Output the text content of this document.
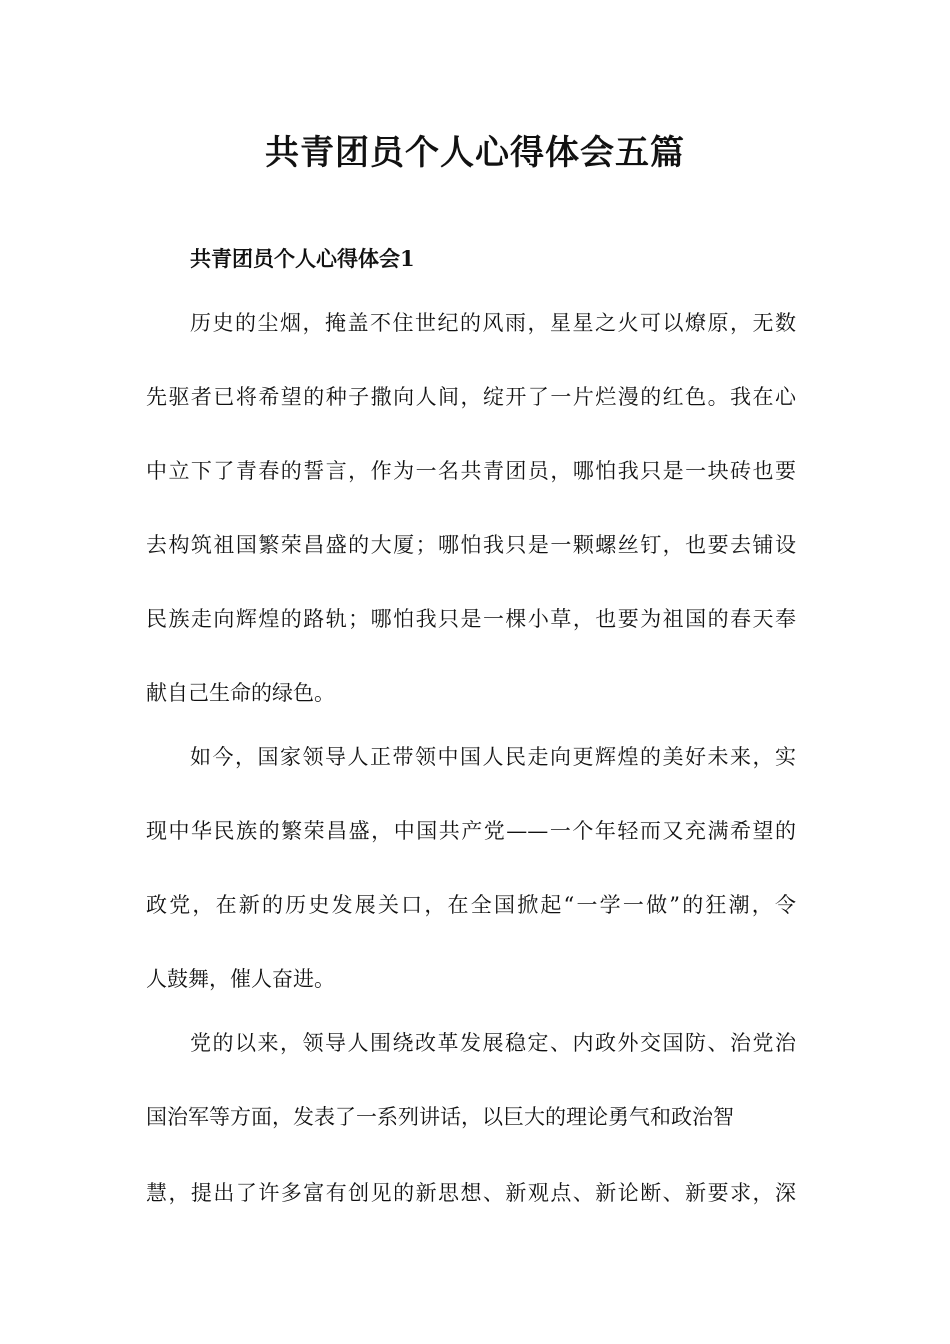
共青团员个人心得体会五篇
共青团员个人心得体会1

历史的尘烟，掩盖不住世纪的风雨，星星之火可以燎原，无数

先驱者已将希望的种子撒向人间，绽开了一片烂漫的红色。我在心

中立下了青春的誓言，作为一名共青团员，哪怕我只是一块砖也要

去构筑祖国繁荣昌盛的大厦；哪怕我只是一颗螺丝钉，也要去铺设

民族走向辉煌的路轨；哪怕我只是一棵小草，也要为祖国的春天奉

献自己生命的绿色。

如今，国家领导人正带领中国人民走向更辉煌的美好未来，实

现中华民族的繁荣昌盛，中国共产党——一个年轻而又充满希望的

政党，在新的历史发展关口，在全国掀起“一学一做”的狂潮，令

人鼓舞，催人奋进。

党的以来，领导人围绕改革发展稳定、内政外交国防、治党治

国治军等方面，发表了一系列讲话，以巨大的理论勇气和政治智

慧，提出了许多富有创见的新思想、新观点、新论断、新要求，深
